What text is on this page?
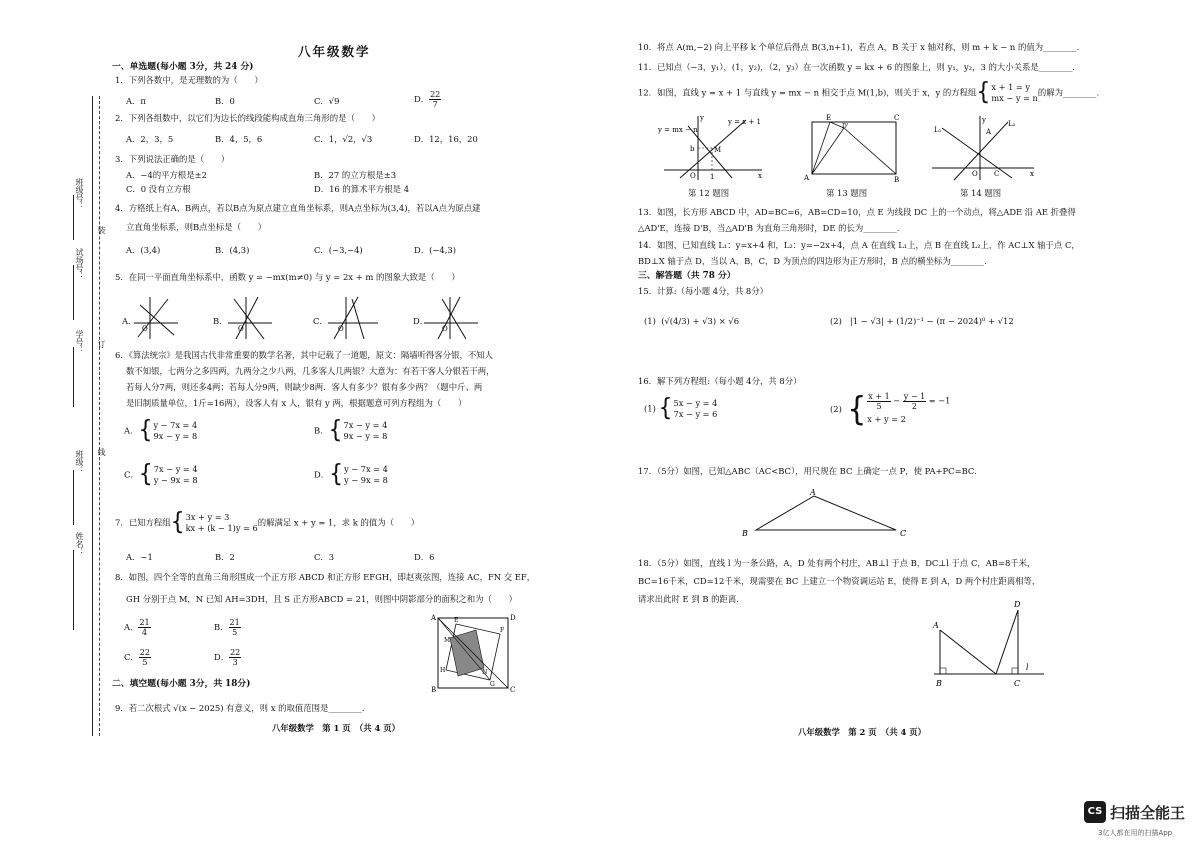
班级号：
试场号：
学号：
班级：
姓名：
装
订
线
八年级数学
一、单选题(每小题 3分，共 24 分)
1．下列各数中，是无理数的为（　　）
A．π	B．0	C．√9	D． $\frac{22}{7}$
2．下列各组数中，以它们为边长的线段能构成直角三角形的是（　　）
A．2，3，5	B．4，5，6	C．1，√2，√3	D．12，16，20
3．下列说法正确的是（　　）
A．−4的平方根是±2	B．27 的立方根是±3
C．0 没有立方根	D．16 的算术平方根是 4
4．方格纸上有A、B两点，若以B点为原点建立直角坐标系，则A点坐标为(3,4)，若以A点为原点建
立直角坐标系，则B点坐标是（　　）
A．(3,4)	B．(4,3)	C．(−3,−4)	D．(−4,3)
5．在同一平面直角坐标系中，函数 y = −mx(m≠0) 与 y = 2x + m 的图象大致是（　　）
A．	B．	C．	D．
O	O	O	O
6．《算法统宗》是我国古代非常重要的数学名著，其中记载了一道题，原文：隔墙听得客分银，不知人
数不知银，七两分之多四两，九两分之少八两，几多客人几两银？大意为：有若干客人分银若干两，
若每人分7两，则还多4两；若每人分9两，则缺少8两．客人有多少？银有多少两？（题中斤、两
是旧制质量单位，1斤=16两），设客人有 x 人，银有 y 两，根据题意可列方程组为（　　）
A． { y − 7x = 4
9x − y = 8
B． { 7x − y = 4
9x − y = 8
C． { 7x − y = 4
y − 9x = 8
D． { y − 7x = 4
y − 9x = 8
7．已知方程组 { 3x + y = 3
kx + (k − 1)y = 6
的解满足 x + y = 1，求 k 的值为（　　）
A．−1	B．2	C．3	D．6
8．如图，四个全等的直角三角形围成一个正方形 ABCD 和正方形 EFGH，即赵爽弦图，连接 AC，FN 交 EF，
GH 分别于点 M，N 已知 AH=3DH，且 S 正方形ABCD = 21，则图中阴影部分的面积之和为（　　）
A． $\frac{21}{4}$	B． $\frac{21}{5}$
C． $\frac{22}{5}$	D． $\frac{22}{3}$
A	D
B	C
E
F
G
H
M
N
二、填空题(每小题 3分，共 18分)
9．若二次根式 √(x − 2025) 有意义，则 x 的取值范围是________.
八年级数学　第 1 页　（共 4 页）
10．将点 A(m,−2) 向上平移 k 个单位后得点 B(3,n+1)，若点 A，B 关于 x 轴对称，则 m + k − n 的值为________.
11．已知点（−3，y₁），(1，y₂)，（2，y₃）在一次函数 y = kx + 6 的图象上，则 y₁，y₂，3 的大小关系是________.
12．如图，直线 y = x + 1 与直线 y = mx − n 相交于点 M(1,b)，则关于 x，y 的方程组 { x + 1 = y
mx − y = n
的解为________.
y = mx − n
y = x + 1
y
x
O
b	M
1
第 12 题图
E
D'
C
A	B
第 13 题图
L₁
L₂
O C
y
x
A
第 14 题图
13．如图，长方形 ABCD 中，AD=BC=6，AB=CD=10，点 E 为线段 DC 上的一个动点，将△ADE 沿 AE 折叠得
△AD'E，连接 D'B，当△AD'B 为直角三角形时，DE 的长为________.
14．如图，已知直线 L₁：y=x+4 和，L₂：y=−2x+4，点 A 在直线 L₁上，点 B 在直线 L₂上，作 AC⊥X 轴于点 C，
BD⊥X 轴于点 D，当以 A，B，C，D 为顶点的四边形为正方形时，B 点的横坐标为________.
三、解答题（共 78 分）
15．计算:（每小题 4分，共 8分）
(1) (√(4/3) + √3) × √6	(2) |1 − √3| + (1/2)⁻¹ − (π − 2024)⁰ + √12
16．解下列方程组:（每小题 4分，共 8分）
(1) { 5x − y = 4
7x − y = 6	(2) { $\frac{x + 1}{5} - \frac{y - 1}{2} = -1$
x + y = 2
17．（5分）如图，已知△ABC（AC<BC），用尺规在 BC 上确定一点 P，使 PA+PC=BC.
A
B	C
18．（5分）如图，直线 l 为一条公路，A，D 处有两个村庄，AB⊥l 于点 B，DC⊥l 于点 C，AB=8千米，
BC=16千米，CD=12千米，现需要在 BC 上建立一个物资调运站 E，使得 E 到 A，D 两个村庄距离相等，
请求出此时 E 到 B 的距离.
A
D
B	C
l
八年级数学　第 2 页　（共 4 页）
CS 扫描全能王
3亿人都在用的扫描App
